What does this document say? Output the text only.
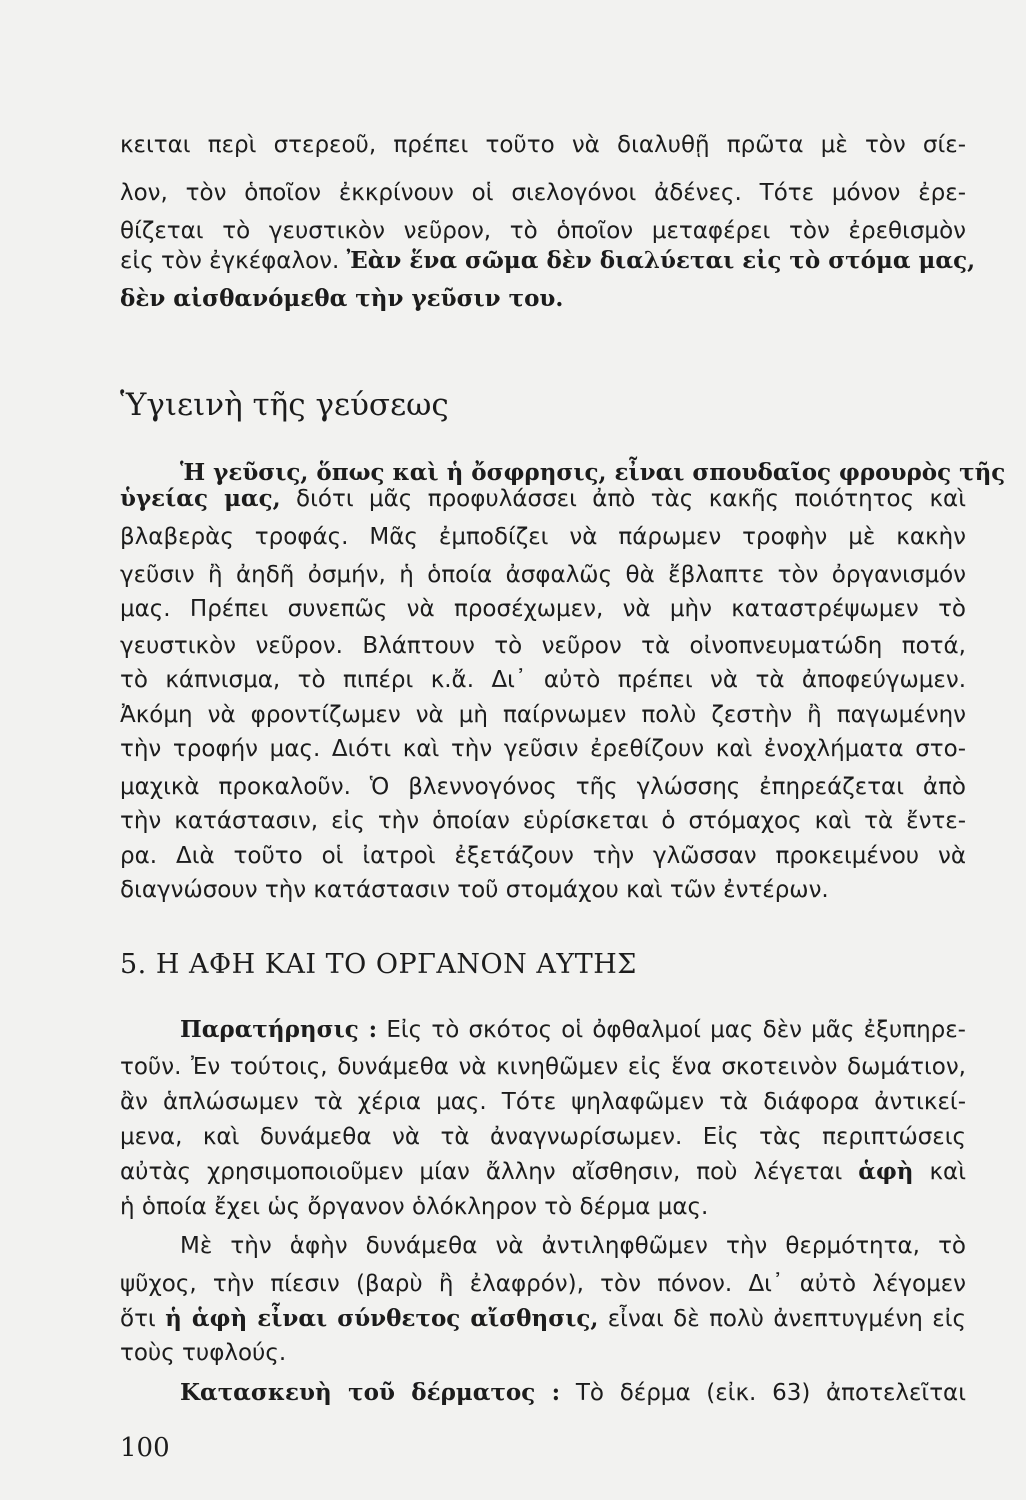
κειται περὶ στερεοῦ, πρέπει τοῦτο νὰ διαλυθῇ πρῶτα μὲ τὸν σίε-
λον, τὸν ὁποῖον ἐκκρίνουν οἱ σιελογόνοι ἀδένες. Τότε μόνον ἐρε-
θίζεται τὸ γευστικὸν νεῦρον, τὸ ὁποῖον μεταφέρει τὸν ἐρεθισμὸν
εἰς τὸν ἐγκέφαλον. Ἐὰν ἕνα σῶμα δὲν διαλύεται εἰς τὸ στόμα μας,
δὲν αἰσθανόμεθα τὴν γεῦσιν του.
Ὑγιεινὴ τῆς γεύσεως
Ἡ γεῦσις, ὅπως καὶ ἡ ὄσφρησις, εἶναι σπουδαῖος φρουρὸς τῆς
ὑγείας μας, διότι μᾶς προφυλάσσει ἀπὸ τὰς κακῆς ποιότητος καὶ
βλαβερὰς τροφάς. Μᾶς ἐμποδίζει νὰ πάρωμεν τροφὴν μὲ κακὴν
γεῦσιν ἢ ἀηδῆ ὀσμήν, ἡ ὁποία ἀσφαλῶς θὰ ἔβλαπτε τὸν ὀργανισμόν
μας. Πρέπει συνεπῶς νὰ προσέχωμεν, νὰ μὴν καταστρέψωμεν τὸ
γευστικὸν νεῦρον. Βλάπτουν τὸ νεῦρον τὰ οἰνοπνευματώδη ποτά,
τὸ κάπνισμα, τὸ πιπέρι κ.ἄ. Δι᾽ αὐτὸ πρέπει νὰ τὰ ἀποφεύγωμεν.
Ἀκόμη νὰ φροντίζωμεν νὰ μὴ παίρνωμεν πολὺ ζεστὴν ἢ παγωμένην
τὴν τροφήν μας. Διότι καὶ τὴν γεῦσιν ἐρεθίζουν καὶ ἐνοχλήματα στο-
μαχικὰ προκαλοῦν. Ὁ βλεννογόνος τῆς γλώσσης ἐπηρεάζεται ἀπὸ
τὴν κατάστασιν, εἰς τὴν ὁποίαν εὑρίσκεται ὁ στόμαχος καὶ τὰ ἔντε-
ρα. Διὰ τοῦτο οἱ ἰατροὶ ἐξετάζουν τὴν γλῶσσαν προκειμένου νὰ
διαγνώσουν τὴν κατάστασιν τοῦ στομάχου καὶ τῶν ἐντέρων.
5. Η ΑΦΗ ΚΑΙ ΤΟ ΟΡΓΑΝΟΝ ΑΥΤΗΣ
Παρατήρησις : Εἰς τὸ σκότος οἱ ὀφθαλμοί μας δὲν μᾶς ἐξυπηρε-
τοῦν. Ἐν τούτοις, δυνάμεθα νὰ κινηθῶμεν εἰς ἕνα σκοτεινὸν δωμάτιον,
ἂν ἁπλώσωμεν τὰ χέρια μας. Τότε ψηλαφῶμεν τὰ διάφορα ἀντικεί-
μενα, καὶ δυνάμεθα νὰ τὰ ἀναγνωρίσωμεν. Εἰς τὰς περιπτώσεις
αὐτὰς χρησιμοποιοῦμεν μίαν ἄλλην αἴσθησιν, ποὺ λέγεται ἁφὴ καὶ
ἡ ὁποία ἔχει ὡς ὄργανον ὁλόκληρον τὸ δέρμα μας.
Μὲ τὴν ἁφὴν δυνάμεθα νὰ ἀντιληφθῶμεν τὴν θερμότητα, τὸ
ψῦχος, τὴν πίεσιν (βαρὺ ἢ ἐλαφρόν), τὸν πόνον. Δι᾽ αὐτὸ λέγομεν
ὅτι ἡ ἁφὴ εἶναι σύνθετος αἴσθησις, εἶναι δὲ πολὺ ἀνεπτυγμένη εἰς
τοὺς τυφλούς.
Κατασκευὴ τοῦ δέρματος : Τὸ δέρμα (εἰκ. 63) ἀποτελεῖται
100
